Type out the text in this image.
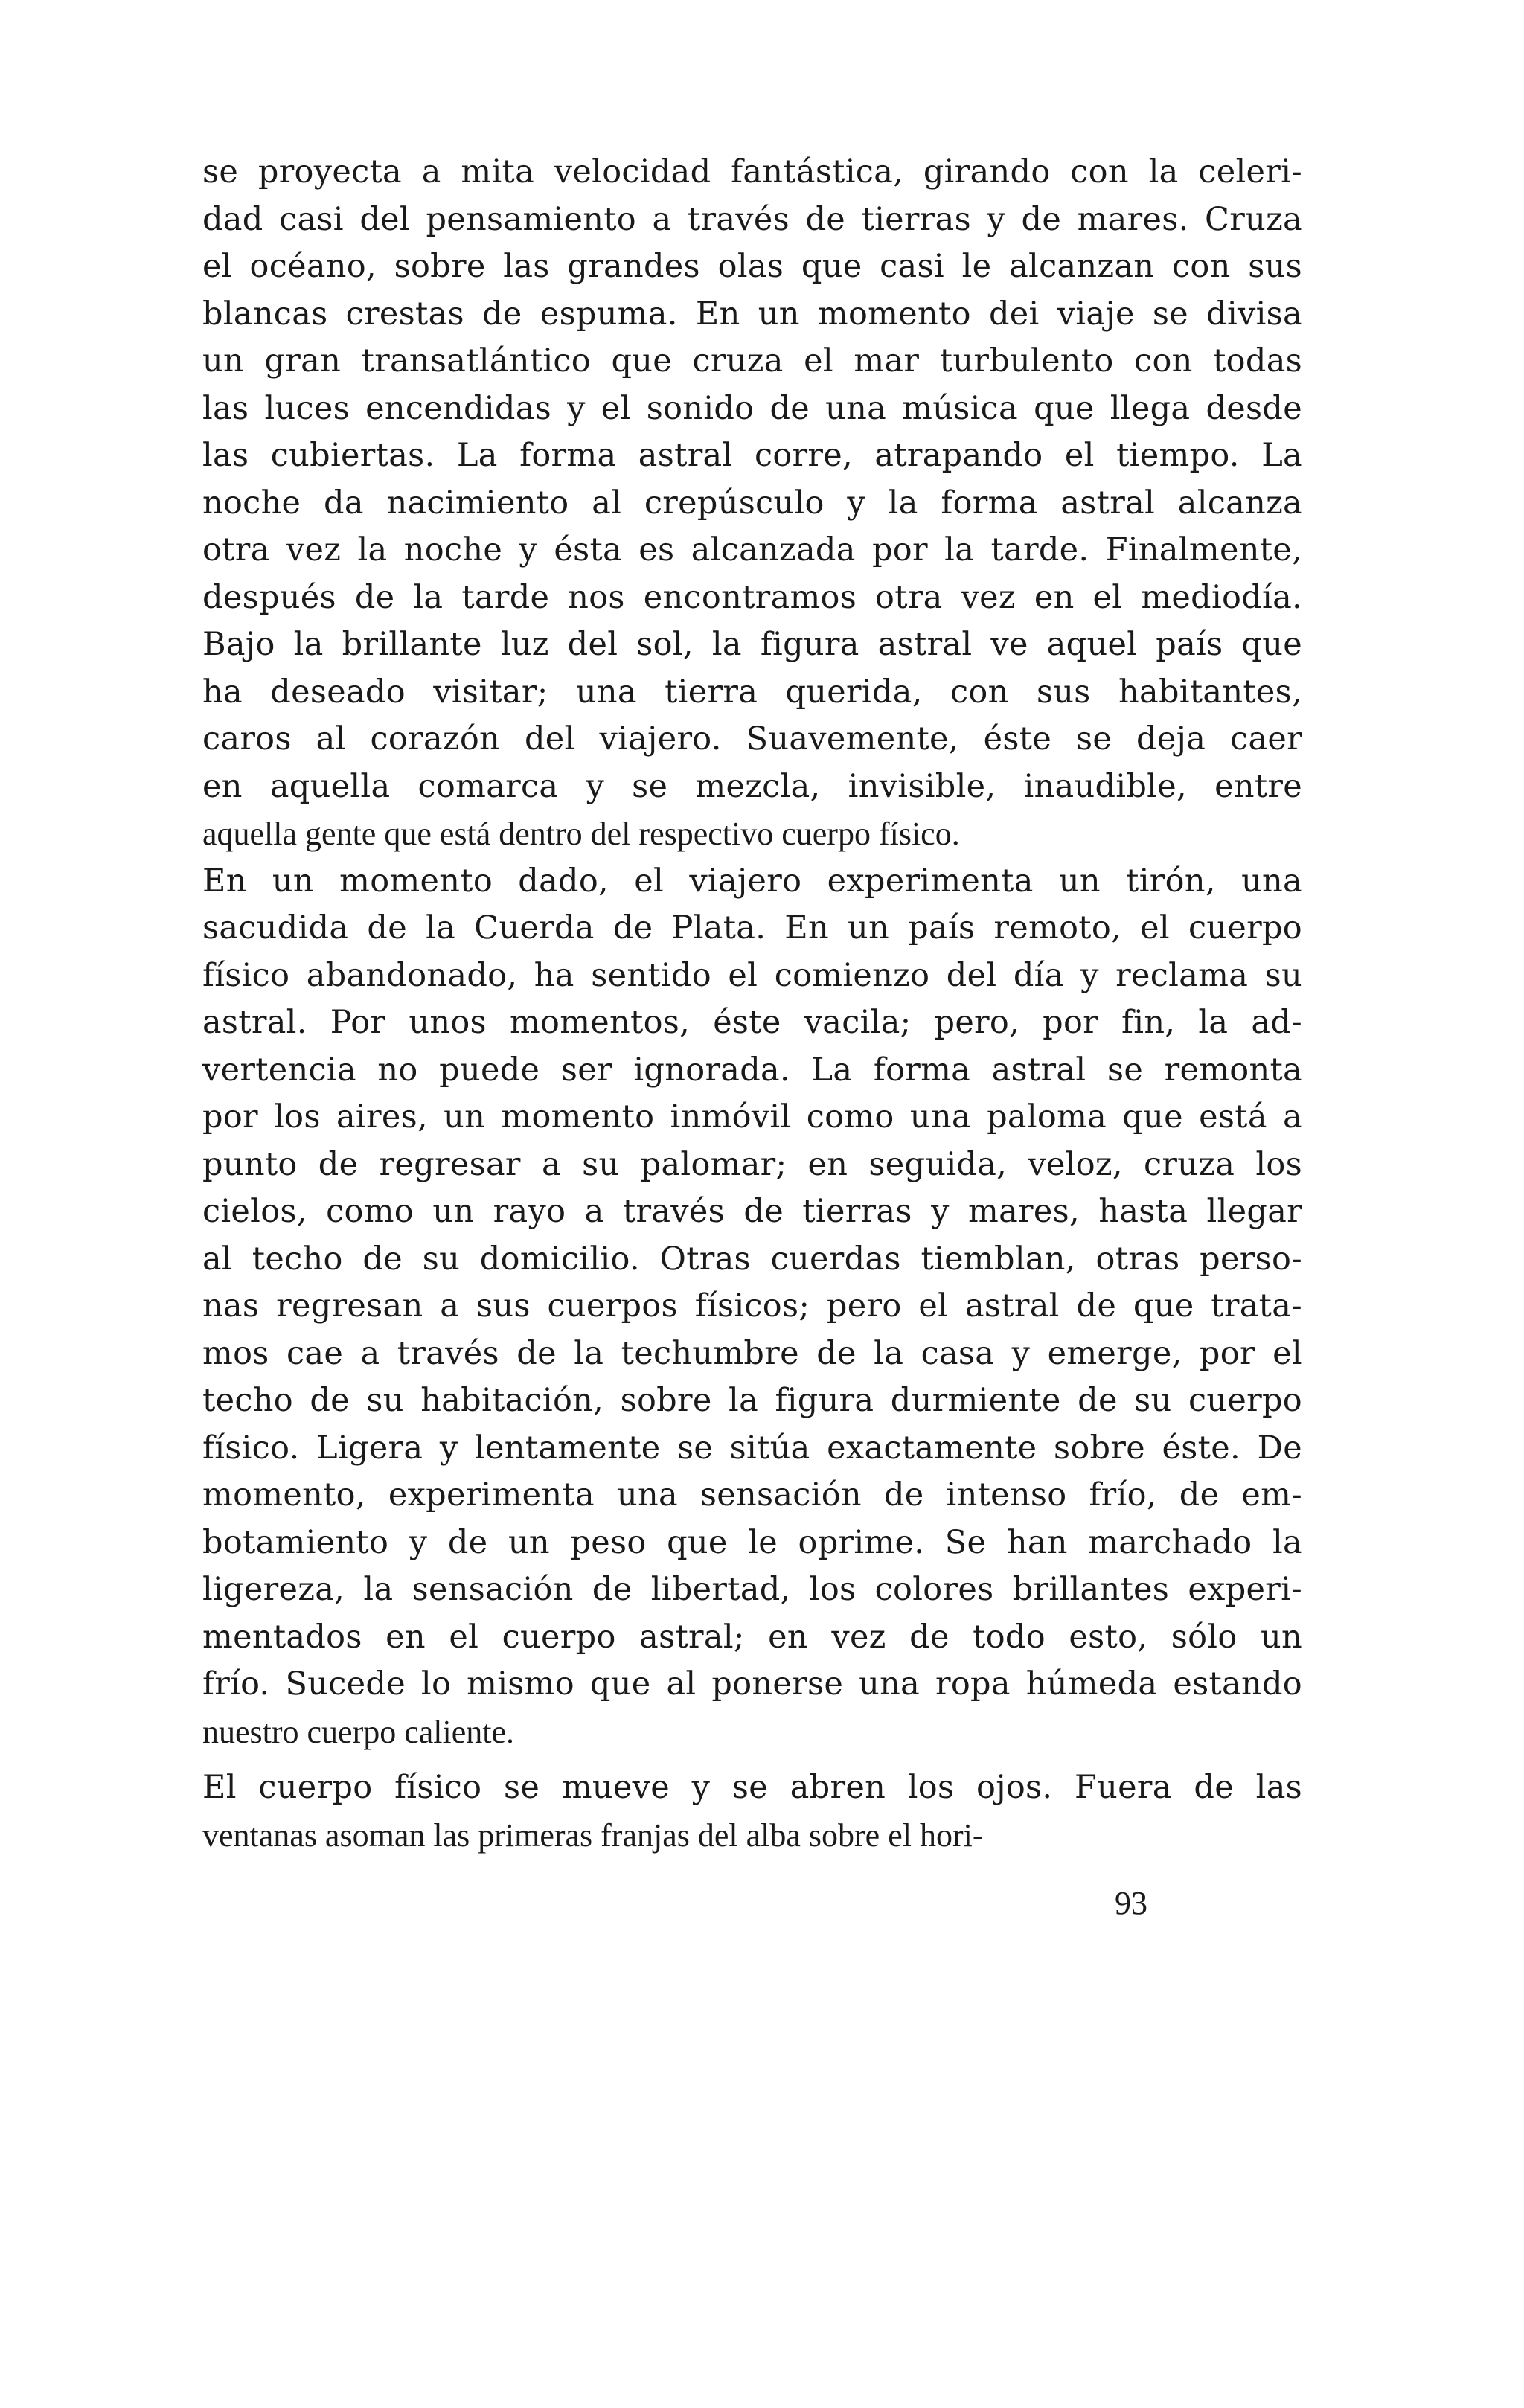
se proyecta a mita velocidad fantástica, girando con la celeri-
dad casi del pensamiento a través de tierras y de mares. Cruza
el océano, sobre las grandes olas que casi le alcanzan con sus
blancas crestas de espuma. En un momento dei viaje se divisa
un gran transatlántico que cruza el mar turbulento con todas
las luces encendidas y el sonido de una música que llega desde
las cubiertas. La forma astral corre, atrapando el tiempo. La
noche da nacimiento al crepúsculo y la forma astral alcanza
otra vez la noche y ésta es alcanzada por la tarde. Finalmente,
después de la tarde nos encontramos otra vez en el mediodía.
Bajo la brillante luz del sol, la figura astral ve aquel país que
ha deseado visitar; una tierra querida, con sus habitantes,
caros al corazón del viajero. Suavemente, éste se deja caer
en aquella comarca y se mezcla, invisible, inaudible, entre
aquella gente que está dentro del respectivo cuerpo físico.
En un momento dado, el viajero experimenta un tirón, una
sacudida de la Cuerda de Plata. En un país remoto, el cuerpo
físico abandonado, ha sentido el comienzo del día y reclama su
astral. Por unos momentos, éste vacila; pero, por fin, la ad-
vertencia no puede ser ignorada. La forma astral se remonta
por los aires, un momento inmóvil como una paloma que está a
punto de regresar a su palomar; en seguida, veloz, cruza los
cielos, como un rayo a través de tierras y mares, hasta llegar
al techo de su domicilio. Otras cuerdas tiemblan, otras perso-
nas regresan a sus cuerpos físicos; pero el astral de que trata-
mos cae a través de la techumbre de la casa y emerge, por el
techo de su habitación, sobre la figura durmiente de su cuerpo
físico. Ligera y lentamente se sitúa exactamente sobre éste. De
momento, experimenta una sensación de intenso frío, de em-
botamiento y de un peso que le oprime. Se han marchado la
ligereza, la sensación de libertad, los colores brillantes experi-
mentados en el cuerpo astral; en vez de todo esto, sólo un
frío. Sucede lo mismo que al ponerse una ropa húmeda estando
nuestro cuerpo caliente.
El cuerpo físico se mueve y se abren los ojos. Fuera de las
ventanas asoman las primeras franjas del alba sobre el hori-
93
